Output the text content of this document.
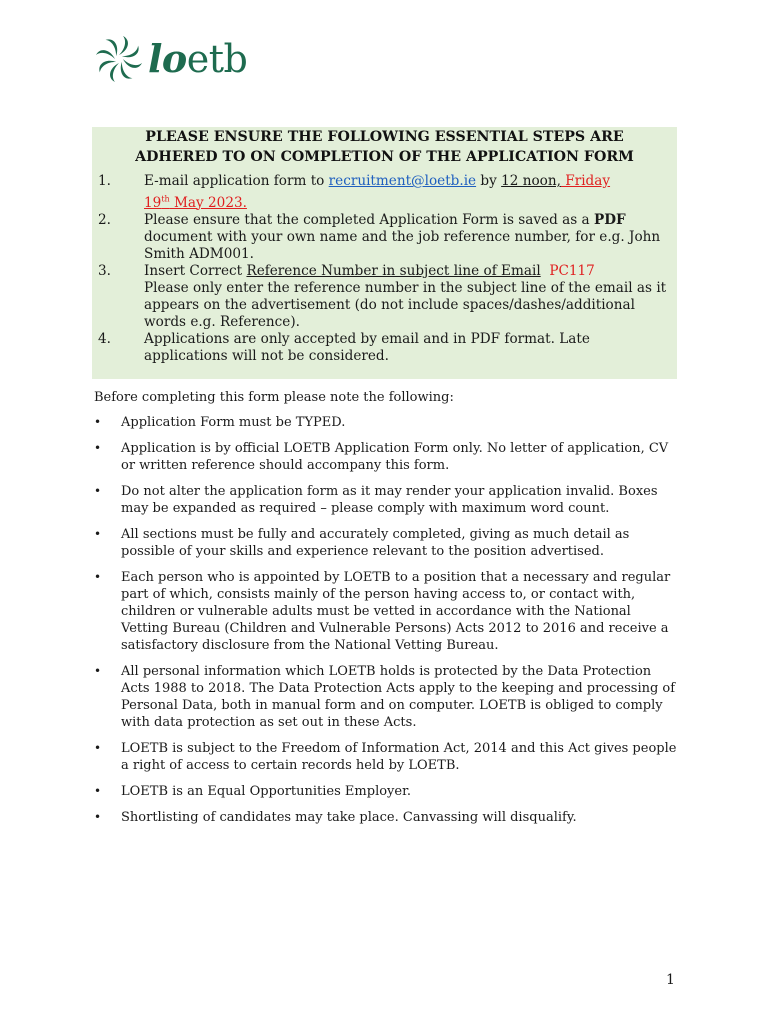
loetb
PLEASE ENSURE THE FOLLOWING ESSENTIAL STEPS ARE
ADHERED TO ON COMPLETION OF THE APPLICATION FORM
1.	E-mail application form to recruitment@loetb.ie by 12 noon, Friday
19th May 2023.
2.	Please ensure that the completed Application Form is saved as a PDF document with your own name and the job reference number, for e.g. John Smith ADM001.
3.	Insert Correct Reference Number in subject line of Email PC117
Please only enter the reference number in the subject line of the email as it appears on the advertisement (do not include spaces/dashes/additional words e.g. Reference).
4.	Applications are only accepted by email and in PDF format. Late applications will not be considered.
Before completing this form please note the following:
•	Application Form must be TYPED.
•	Application is by official LOETB Application Form only. No letter of application, CV or written reference should accompany this form.
•	Do not alter the application form as it may render your application invalid. Boxes may be expanded as required – please comply with maximum word count.
•	All sections must be fully and accurately completed, giving as much detail as possible of your skills and experience relevant to the position advertised.
•	Each person who is appointed by LOETB to a position that a necessary and regular part of which, consists mainly of the person having access to, or contact with, children or vulnerable adults must be vetted in accordance with the National Vetting Bureau (Children and Vulnerable Persons) Acts 2012 to 2016 and receive a satisfactory disclosure from the National Vetting Bureau.
•	All personal information which LOETB holds is protected by the Data Protection Acts 1988 to 2018. The Data Protection Acts apply to the keeping and processing of Personal Data, both in manual form and on computer. LOETB is obliged to comply with data protection as set out in these Acts.
•	LOETB is subject to the Freedom of Information Act, 2014 and this Act gives people a right of access to certain records held by LOETB.
•	LOETB is an Equal Opportunities Employer.
•	Shortlisting of candidates may take place. Canvassing will disqualify.
1
